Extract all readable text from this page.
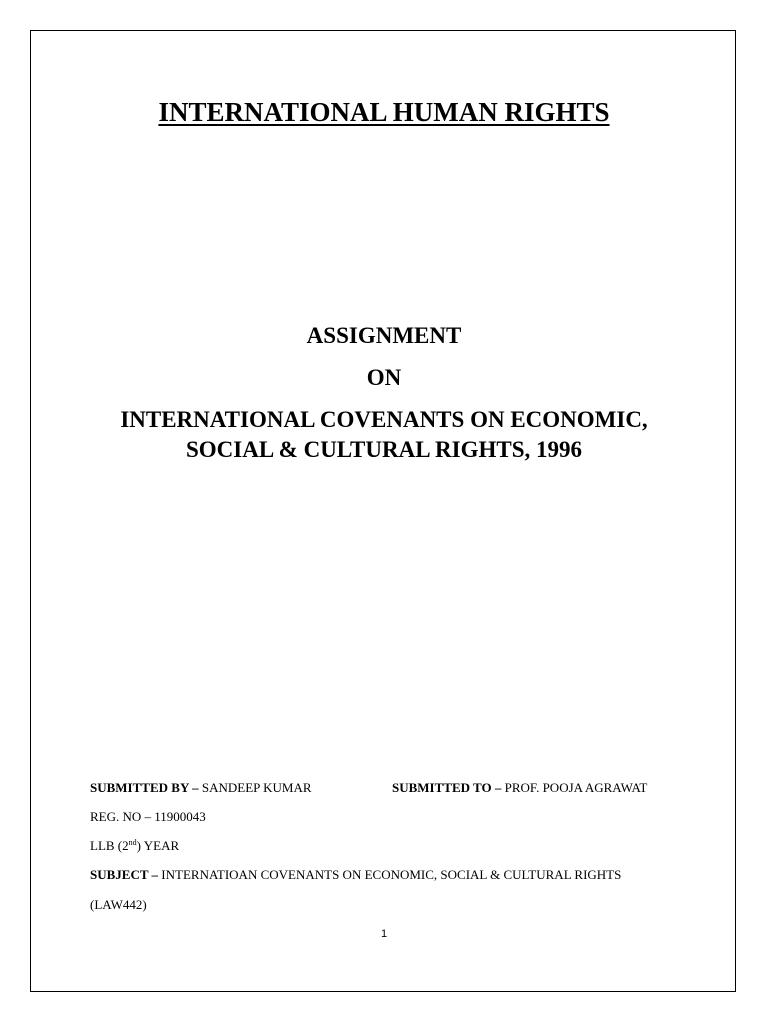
INTERNATIONAL HUMAN RIGHTS
ASSIGNMENT
ON
INTERNATIONAL COVENANTS ON ECONOMIC,
SOCIAL & CULTURAL RIGHTS, 1996
SUBMITTED BY – SANDEEP KUMAR	SUBMITTED TO – PROF. POOJA AGRAWAT
REG. NO – 11900043
LLB (2nd) YEAR
SUBJECT – INTERNATIOAN COVENANTS ON ECONOMIC, SOCIAL & CULTURAL RIGHTS
(LAW442)
1
